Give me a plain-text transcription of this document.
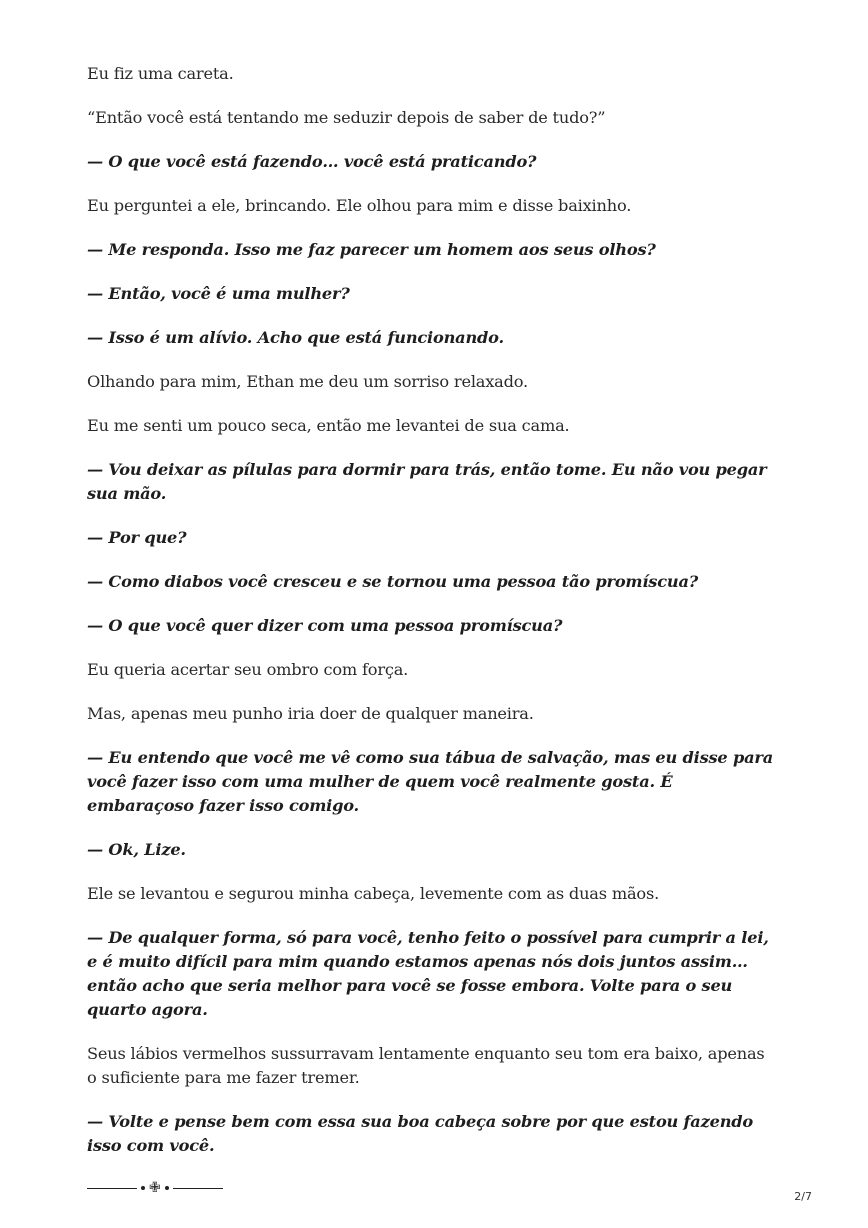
Eu fiz uma careta.

“Então você está tentando me seduzir depois de saber de tudo?”

— O que você está fazendo… você está praticando?

Eu perguntei a ele, brincando. Ele olhou para mim e disse baixinho.

— Me responda. Isso me faz parecer um homem aos seus olhos?

— Então, você é uma mulher?

— Isso é um alívio. Acho que está funcionando.

Olhando para mim, Ethan me deu um sorriso relaxado.

Eu me senti um pouco seca, então me levantei de sua cama.

— Vou deixar as pílulas para dormir para trás, então tome. Eu não vou pegar sua mão.

— Por que?

— Como diabos você cresceu e se tornou uma pessoa tão promíscua?

— O que você quer dizer com uma pessoa promíscua?

Eu queria acertar seu ombro com força.

Mas, apenas meu punho iria doer de qualquer maneira.

— Eu entendo que você me vê como sua tábua de salvação, mas eu disse para você fazer isso com uma mulher de quem você realmente gosta. É embaraçoso fazer isso comigo.

— Ok, Lize.

Ele se levantou e segurou minha cabeça, levemente com as duas mãos.

— De qualquer forma, só para você, tenho feito o possível para cumprir a lei, e é muito difícil para mim quando estamos apenas nós dois juntos assim… então acho que seria melhor para você se fosse embora. Volte para o seu quarto agora.

Seus lábios vermelhos sussurravam lentamente enquanto seu tom era baixo, apenas o suficiente para me fazer tremer.

— Volte e pense bem com essa sua boa cabeça sobre por que estou fazendo isso com você.

✙
2/7
